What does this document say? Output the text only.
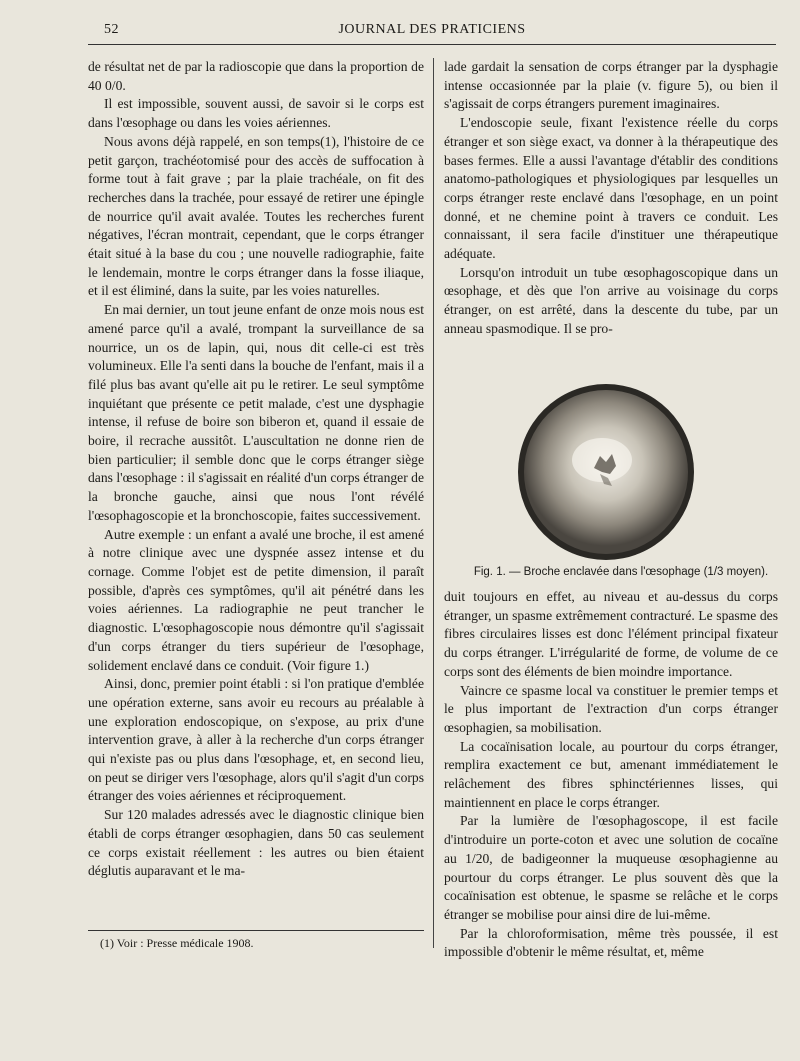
52	JOURNAL DES PRATICIENS

de résultat net de par la radioscopie que dans la proportion de 40 0/0.

Il est impossible, souvent aussi, de savoir si le corps est dans l'œsophage ou dans les voies aériennes.

Nous avons déjà rappelé, en son temps(1), l'histoire de ce petit garçon, trachéotomisé pour des accès de suffocation à forme tout à fait grave ; par la plaie trachéale, on fit des recherches dans la trachée, pour essayé de retirer une épingle de nourrice qu'il avait avalée. Toutes les recherches furent négatives, l'écran montrait, cependant, que le corps étranger était situé à la base du cou ; une nouvelle radiographie, faite le lendemain, montre le corps étranger dans la fosse iliaque, et il est éliminé, dans la suite, par les voies naturelles.

En mai dernier, un tout jeune enfant de onze mois nous est amené parce qu'il a avalé, trompant la surveillance de sa nourrice, un os de lapin, qui, nous dit celle-ci est très volumineux. Elle l'a senti dans la bouche de l'enfant, mais il a filé plus bas avant qu'elle ait pu le retirer. Le seul symptôme inquiétant que présente ce petit malade, c'est une dysphagie intense, il refuse de boire son biberon et, quand il essaie de boire, il recrache aussitôt. L'auscultation ne donne rien de bien particulier; il semble donc que le corps étranger siège dans l'œsophage : il s'agissait en réalité d'un corps étranger de la bronche gauche, ainsi que nous l'ont révélé l'œsophagoscopie et la bronchoscopie, faites successivement.

Autre exemple : un enfant a avalé une broche, il est amené à notre clinique avec une dyspnée assez intense et du cornage. Comme l'objet est de petite dimension, il paraît possible, d'après ces symptômes, qu'il ait pénétré dans les voies aériennes. La radiographie ne peut trancher le diagnostic. L'œsophagoscopie nous démontre qu'il s'agissait d'un corps étranger du tiers supérieur de l'œsophage, solidement enclavé dans ce conduit. (Voir figure 1.)

Ainsi, donc, premier point établi : si l'on pratique d'emblée une opération externe, sans avoir eu recours au préalable à une exploration endoscopique, on s'expose, au prix d'une intervention grave, à aller à la recherche d'un corps étranger qui n'existe pas ou plus dans l'œsophage, et, en second lieu, on peut se diriger vers l'œsophage, alors qu'il s'agit d'un corps étranger des voies aériennes et réciproquement.

Sur 120 malades adressés avec le diagnostic clinique bien établi de corps étranger œsophagien, dans 50 cas seulement ce corps existait réellement : les autres ou bien étaient déglutis auparavant et le ma-

lade gardait la sensation de corps étranger par la dysphagie intense occasionnée par la plaie (v. figure 5), ou bien il s'agissait de corps étrangers purement imaginaires.

L'endoscopie seule, fixant l'existence réelle du corps étranger et son siège exact, va donner à la thérapeutique des bases fermes. Elle a aussi l'avantage d'établir des conditions anatomo-pathologiques et physiologiques par lesquelles un corps étranger reste enclavé dans l'œsophage, en un point donné, et ne chemine point à travers ce conduit. Les connaissant, il sera facile d'instituer une thérapeutique adéquate.

Lorsqu'on introduit un tube œsophagoscopique dans un œsophage, et dès que l'on arrive au voisinage du corps étranger, on est arrêté, dans la descente du tube, par un anneau spasmodique. Il se pro-

Fig. 1. — Broche enclavée dans l'œsophage (1/3 moyen).

duit toujours en effet, au niveau et au-dessus du corps étranger, un spasme extrêmement contracturé. Le spasme des fibres circulaires lisses est donc l'élément principal fixateur du corps étranger. L'irrégularité de forme, de volume de ce corps sont des éléments de bien moindre importance.

Vaincre ce spasme local va constituer le premier temps et le plus important de l'extraction d'un corps étranger œsophagien, sa mobilisation.

La cocaïnisation locale, au pourtour du corps étranger, remplira exactement ce but, amenant immédiatement le relâchement des fibres sphinctériennes lisses, qui maintiennent en place le corps étranger.

Par la lumière de l'œsophagoscope, il est facile d'introduire un porte-coton et avec une solution de cocaïne au 1/20, de badigeonner la muqueuse œsophagienne au pourtour du corps étranger. Le plus souvent dès que la cocaïnisation est obtenue, le spasme se relâche et le corps étranger se mobilise pour ainsi dire de lui-même.

Par la chloroformisation, même très poussée, il est impossible d'obtenir le même résultat, et, même

(1) Voir : Presse médicale 1908.
